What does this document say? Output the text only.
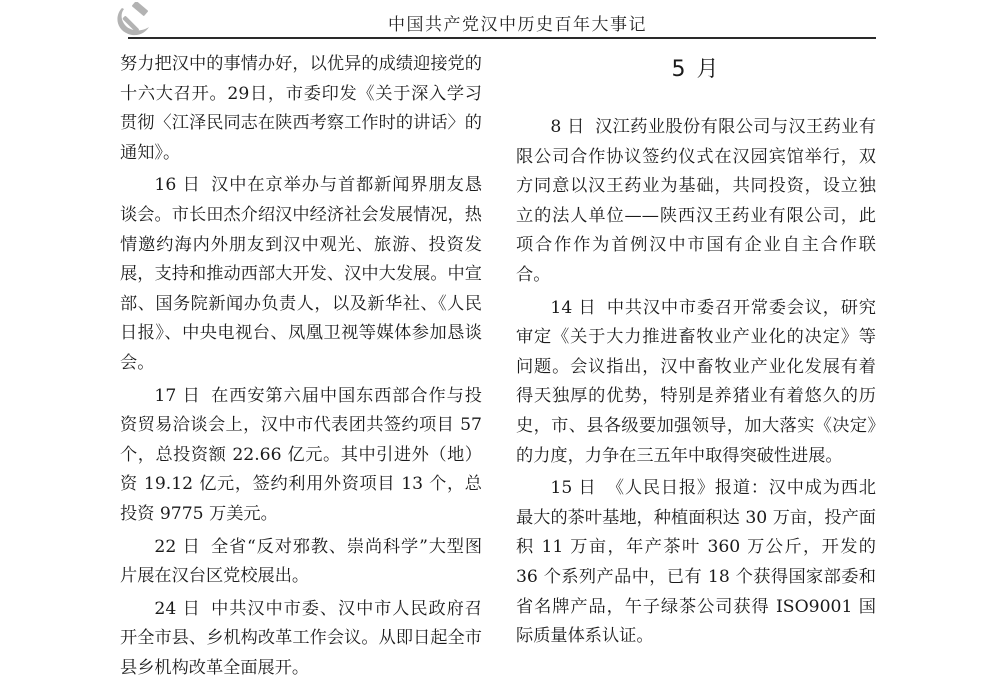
中国共产党汉中历史百年大事记

努力把汉中的事情办好，以优异的成绩迎接党的十六大召开。29日，市委印发《关于深入学习贯彻〈江泽民同志在陕西考察工作时的讲话〉的通知》。

16 日 汉中在京举办与首都新闻界朋友恳谈会。市长田杰介绍汉中经济社会发展情况，热情邀约海内外朋友到汉中观光、旅游、投资发展，支持和推动西部大开发、汉中大发展。中宣部、国务院新闻办负责人，以及新华社、《人民日报》、中央电视台、凤凰卫视等媒体参加恳谈会。

17 日 在西安第六届中国东西部合作与投资贸易洽谈会上，汉中市代表团共签约项目 57 个，总投资额 22.66 亿元。其中引进外（地）资 19.12 亿元，签约利用外资项目 13 个，总投资 9775 万美元。

22 日 全省“反对邪教、崇尚科学”大型图片展在汉台区党校展出。

24 日 中共汉中市委、汉中市人民政府召开全市县、乡机构改革工作会议。从即日起全市县乡机构改革全面展开。

5 月

8 日 汉江药业股份有限公司与汉王药业有限公司合作协议签约仪式在汉园宾馆举行，双方同意以汉王药业为基础，共同投资，设立独立的法人单位——陕西汉王药业有限公司，此项合作作为首例汉中市国有企业自主合作联合。

14 日 中共汉中市委召开常委会议，研究审定《关于大力推进畜牧业产业化的决定》等问题。会议指出，汉中畜牧业产业化发展有着得天独厚的优势，特别是养猪业有着悠久的历史，市、县各级要加强领导，加大落实《决定》的力度，力争在三五年中取得突破性进展。

15 日 《人民日报》报道：汉中成为西北最大的茶叶基地，种植面积达 30 万亩，投产面积 11 万亩，年产茶叶 360 万公斤，开发的 36 个系列产品中，已有 18 个获得国家部委和省名牌产品，午子绿茶公司获得 ISO9001 国际质量体系认证。
